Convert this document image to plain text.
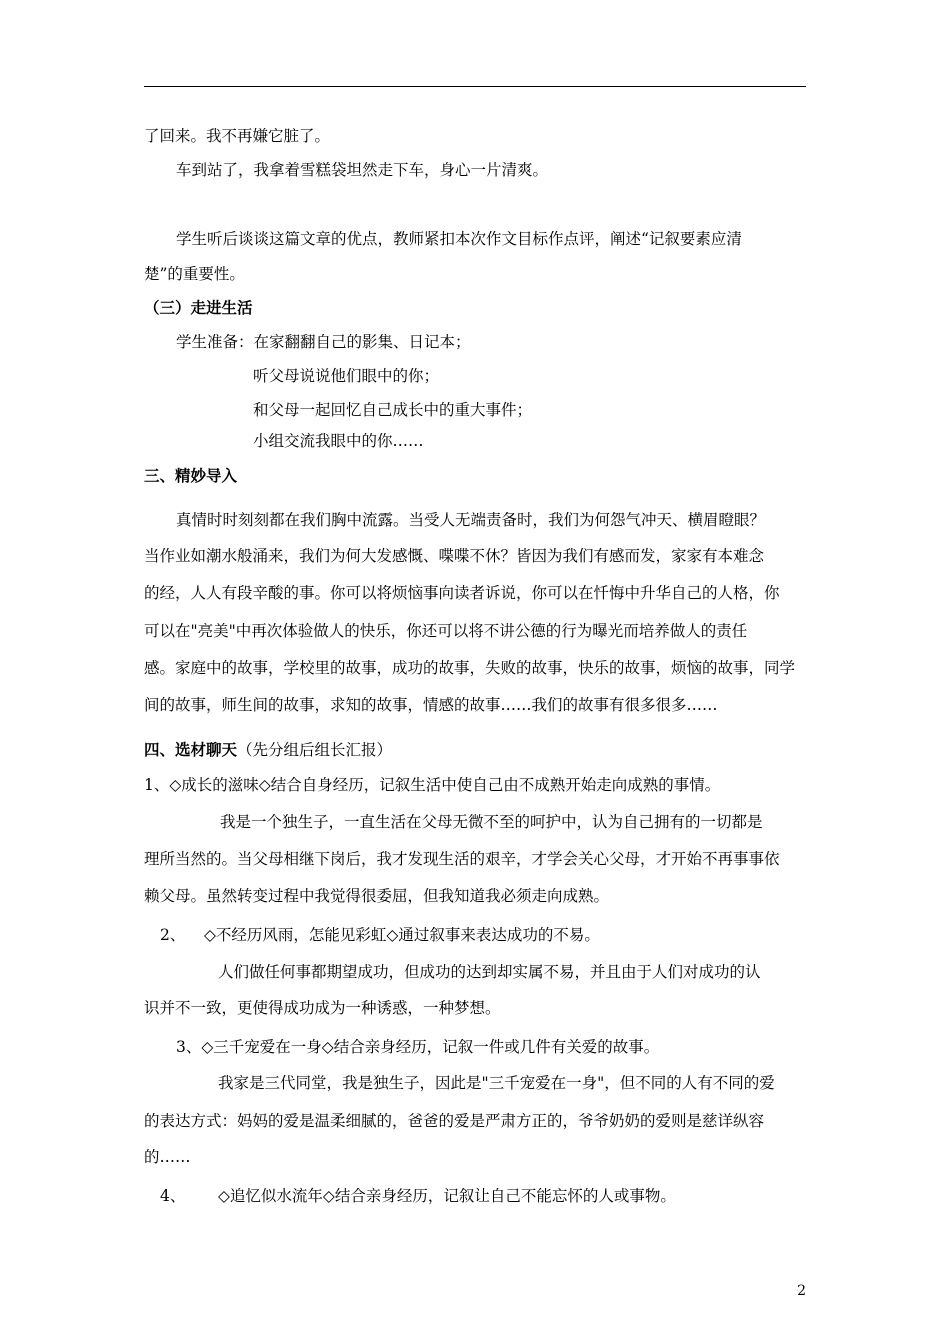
了回来。我不再嫌它脏了。
车到站了，我拿着雪糕袋坦然走下车，身心一片清爽。
学生听后谈谈这篇文章的优点，教师紧扣本次作文目标作点评，阐述“记叙要素应清
楚”的重要性。
（三）走进生活
学生准备：在家翻翻自己的影集、日记本；
听父母说说他们眼中的你；
和父母一起回忆自己成长中的重大事件；
小组交流我眼中的你……
三、精妙导入
真情时时刻刻都在我们胸中流露。当受人无端责备时，我们为何怨气冲天、横眉瞪眼？
当作业如潮水般涌来，我们为何大发感慨、喋喋不休？皆因为我们有感而发，家家有本难念
的经，人人有段辛酸的事。你可以将烦恼事向读者诉说，你可以在忏悔中升华自己的人格，你
可以在"亮美"中再次体验做人的快乐，你还可以将不讲公德的行为曝光而培养做人的责任
感。家庭中的故事，学校里的故事，成功的故事，失败的故事，快乐的故事，烦恼的故事，同学
间的故事，师生间的故事，求知的故事，情感的故事……我们的故事有很多很多……
四、选材聊天（先分组后组长汇报）
1、◇成长的滋味◇结合自身经历，记叙生活中使自己由不成熟开始走向成熟的事情。
我是一个独生子，一直生活在父母无微不至的呵护中，认为自己拥有的一切都是
理所当然的。当父母相继下岗后，我才发现生活的艰辛，才学会关心父母，才开始不再事事依
赖父母。虽然转变过程中我觉得很委屈，但我知道我必须走向成熟。
2、 ◇不经历风雨，怎能见彩虹◇通过叙事来表达成功的不易。
人们做任何事都期望成功，但成功的达到却实属不易，并且由于人们对成功的认
识并不一致，更使得成功成为一种诱惑，一种梦想。
3、◇三千宠爱在一身◇结合亲身经历，记叙一件或几件有关爱的故事。
我家是三代同堂，我是独生子，因此是"三千宠爱在一身"，但不同的人有不同的爱
的表达方式：妈妈的爱是温柔细腻的，爸爸的爱是严肃方正的，爷爷奶奶的爱则是慈详纵容
的……
4、 ◇追忆似水流年◇结合亲身经历，记叙让自己不能忘怀的人或事物。
2
